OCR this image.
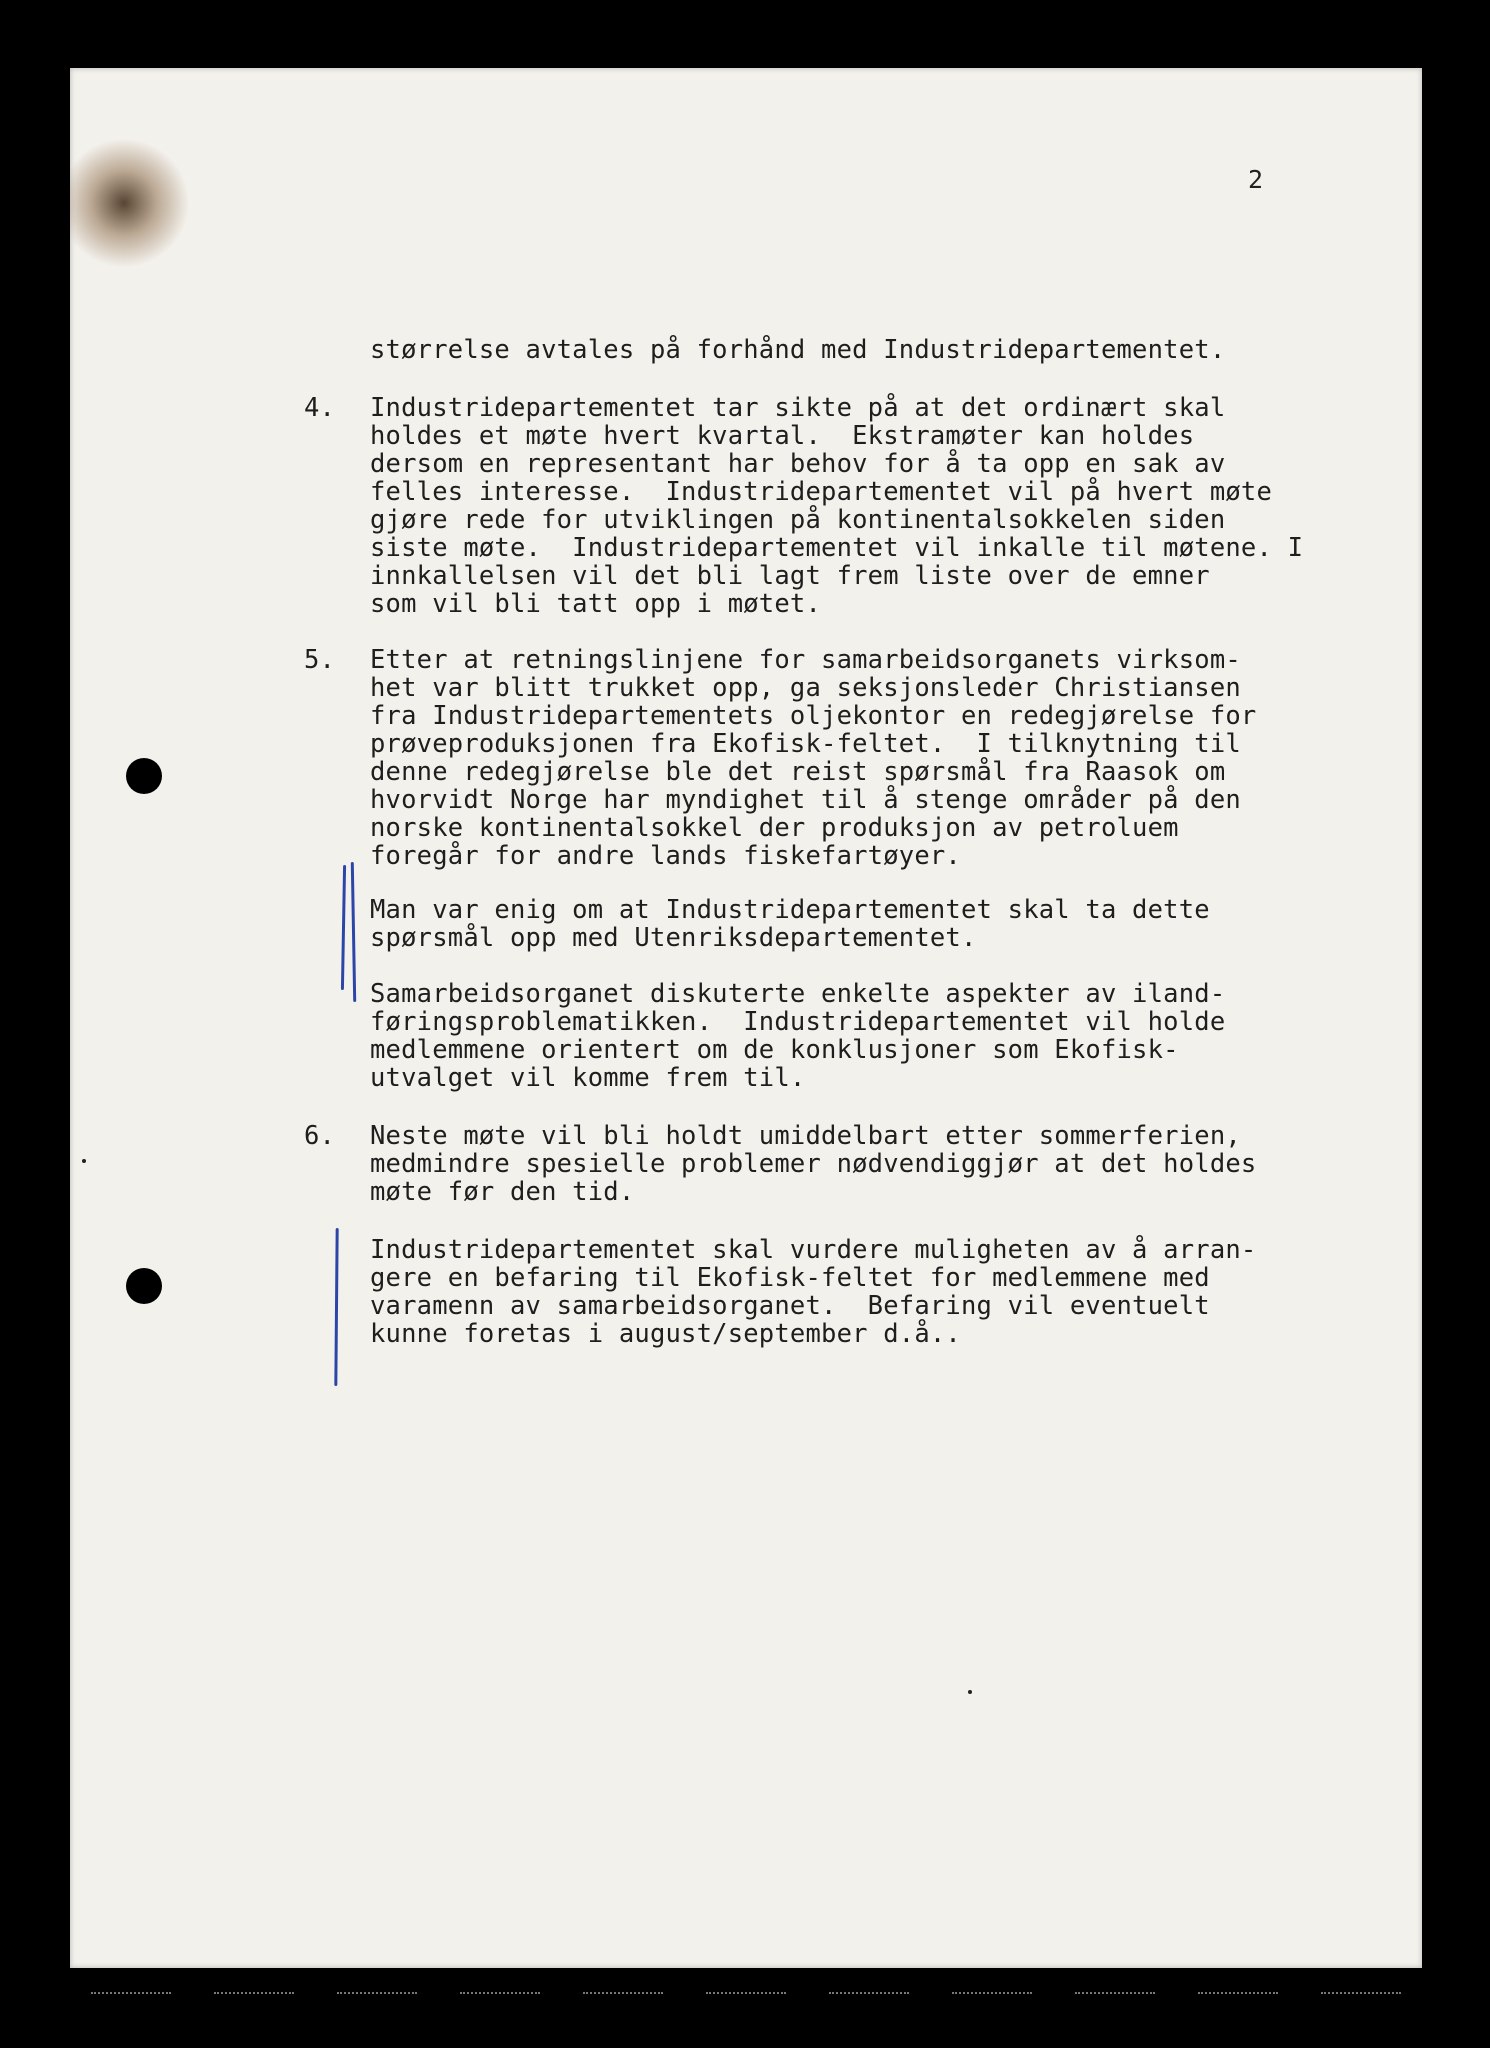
2
størrelse avtales på forhånd med Industridepartementet.
4. Industridepartementet tar sikte på at det ordinært skal
holdes et møte hvert kvartal.  Ekstramøter kan holdes
dersom en representant har behov for å ta opp en sak av
felles interesse.  Industridepartementet vil på hvert møte
gjøre rede for utviklingen på kontinentalsokkelen siden
siste møte.  Industridepartementet vil inkalle til møtene. I
innkallelsen vil det bli lagt frem liste over de emner
som vil bli tatt opp i møtet.
5. Etter at retningslinjene for samarbeidsorganets virksom-
het var blitt trukket opp, ga seksjonsleder Christiansen
fra Industridepartementets oljekontor en redegjørelse for
prøveproduksjonen fra Ekofisk-feltet.  I tilknytning til
denne redegjørelse ble det reist spørsmål fra Raasok om
hvorvidt Norge har myndighet til å stenge områder på den
norske kontinentalsokkel der produksjon av petroluem
foregår for andre lands fiskefartøyer.
Man var enig om at Industridepartementet skal ta dette
spørsmål opp med Utenriksdepartementet.
Samarbeidsorganet diskuterte enkelte aspekter av iland-
føringsproblematikken.  Industridepartementet vil holde
medlemmene orientert om de konklusjoner som Ekofisk-
utvalget vil komme frem til.
6. Neste møte vil bli holdt umiddelbart etter sommerferien,
medmindre spesielle problemer nødvendiggjør at det holdes
møte før den tid.
Industridepartementet skal vurdere muligheten av å arran-
gere en befaring til Ekofisk-feltet for medlemmene med
varamenn av samarbeidsorganet.  Befaring vil eventuelt
kunne foretas i august/september d.å..
